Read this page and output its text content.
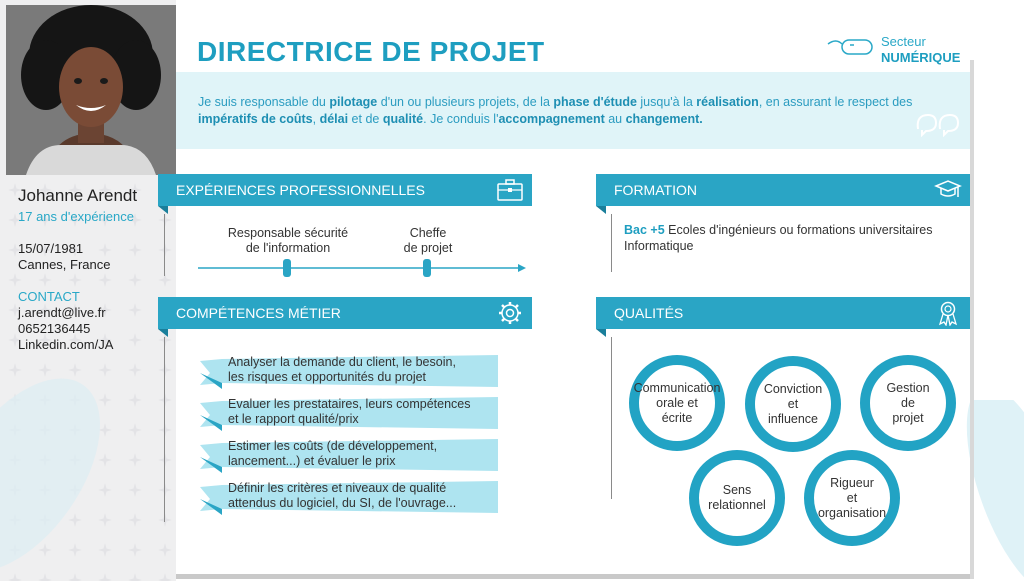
Johanne Arendt
17 ans d'expérience
15/07/1981
Cannes, France
CONTACT
j.arendt@live.fr
0652136445
Linkedin.com/JA
DIRECTRICE DE PROJET	Secteur
NUMÉRIQUE

Je suis responsable du pilotage d'un ou plusieurs projets, de la phase d'étude jusqu'à la réalisation, en assurant le respect des impératifs de coûts, délai et de qualité. Je conduis l'accompagnement au changement.

EXPÉRIENCES PROFESSIONNELLES
Responsable sécurité
de l'information
Cheffe
de projet
FORMATION
Bac +5 Ecoles d'ingénieurs ou formations universitaires
Informatique
COMPÉTENCES MÉTIER
Analyser la demande du client, le besoin,
les risques et opportunités du projet
Evaluer les prestataires, leurs compétences
et le rapport qualité/prix
Estimer les coûts (de développement,
lancement...) et évaluer le prix
Définir les critères et niveaux de qualité
attendus du logiciel, du SI, de l'ouvrage...
QUALITÉS
Communication
orale et
écrite
Conviction
et
influence
Gestion
de
projet
Sens
relationnel
Rigueur
et
organisation
